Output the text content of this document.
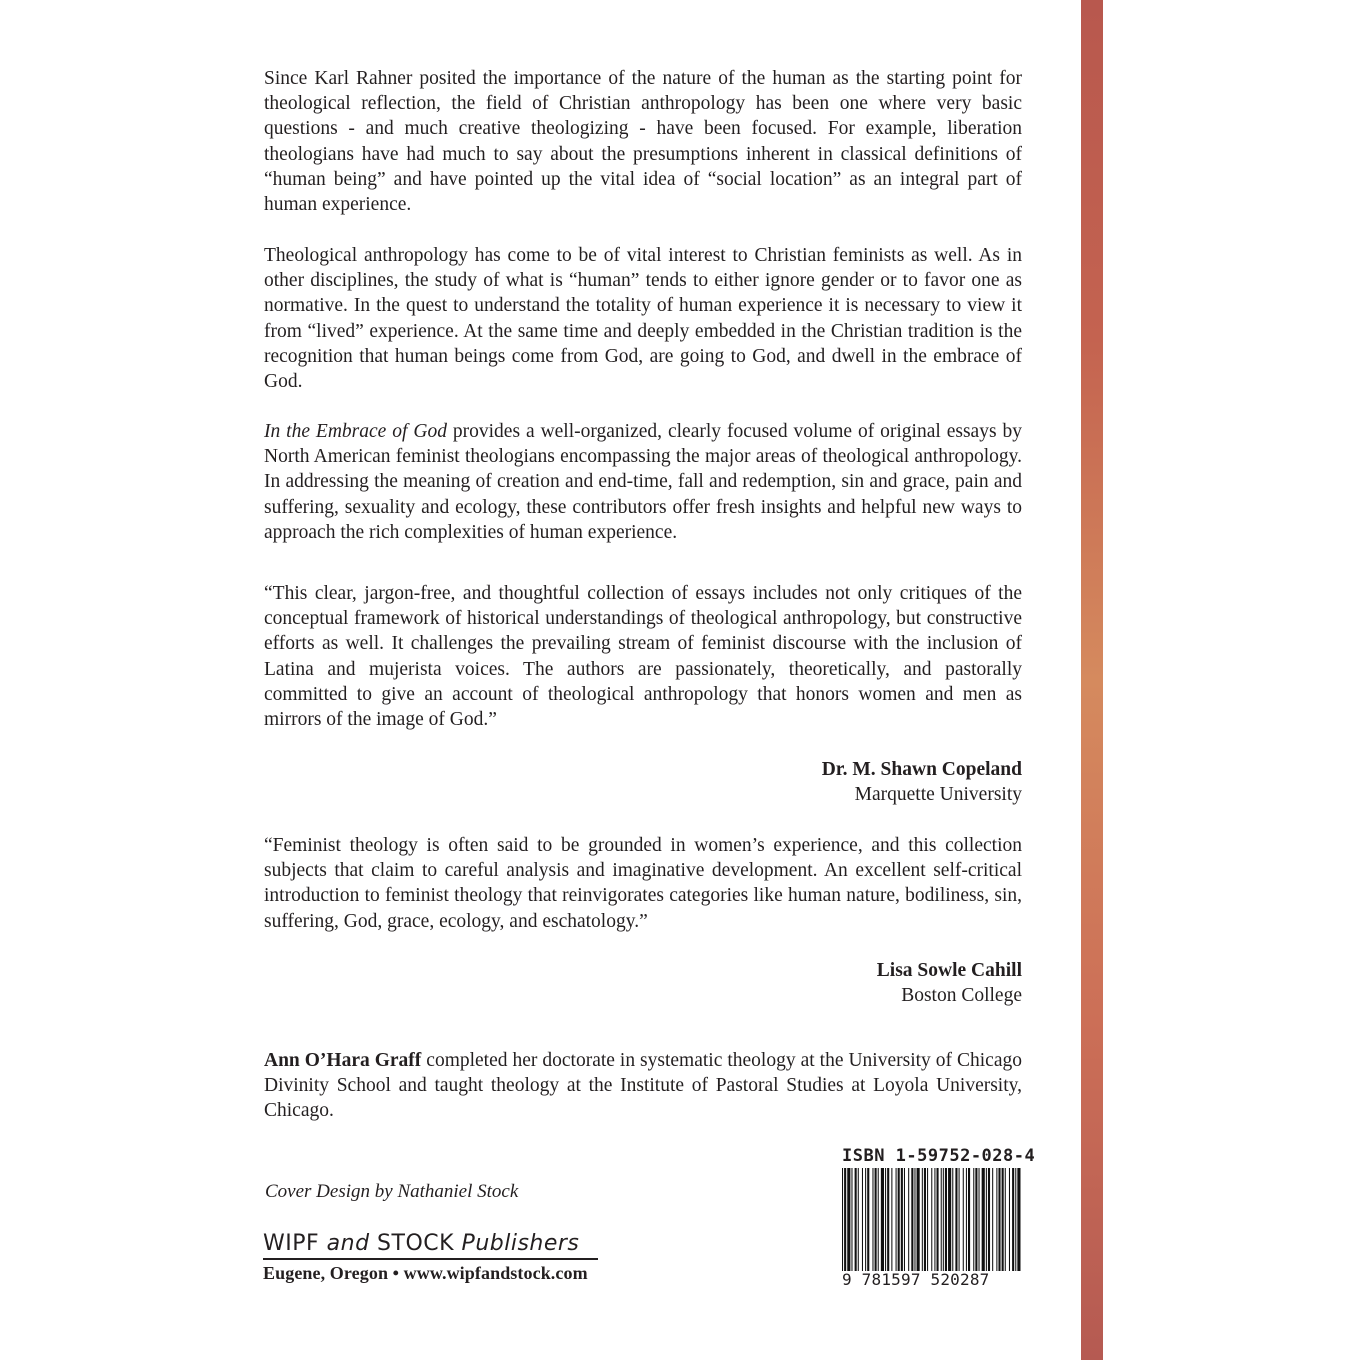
Since Karl Rahner posited the importance of the nature of the human as the starting point for theological reflection, the field of Christian anthropology has been one where very basic questions - and much creative theologizing - have been focused. For example, liberation theologians have had much to say about the presumptions inherent in classical definitions of “human being” and have pointed up the vital idea of “social location” as an integral part of human experience.

Theological anthropology has come to be of vital interest to Christian feminists as well. As in other disciplines, the study of what is “human” tends to either ignore gender or to favor one as normative. In the quest to understand the totality of human experience it is necessary to view it from “lived” experience. At the same time and deeply embedded in the Christian tradition is the recognition that human beings come from God, are going to God, and dwell in the embrace of God.

In the Embrace of God provides a well-organized, clearly focused volume of original essays by North American feminist theologians encompassing the major areas of theological anthropology. In addressing the meaning of creation and end-time, fall and redemption, sin and grace, pain and suffering, sexuality and ecology, these contributors offer fresh insights and helpful new ways to approach the rich complexities of human experience.

“This clear, jargon-free, and thoughtful collection of essays includes not only critiques of the conceptual framework of historical understandings of theological anthropology, but constructive efforts as well. It challenges the prevailing stream of feminist discourse with the inclusion of Latina and mujerista voices. The authors are passionately, theoretically, and pastorally committed to give an account of theological anthropology that honors women and men as mirrors of the image of God.”

Dr. M. Shawn Copeland
Marquette University

“Feminist theology is often said to be grounded in women’s experience, and this collection subjects that claim to careful analysis and imaginative development. An excellent self-critical introduction to feminist theology that reinvigorates categories like human nature, bodiliness, sin, suffering, God, grace, ecology, and eschatology.”

Lisa Sowle Cahill
Boston College

Ann O’Hara Graff completed her doctorate in systematic theology at the University of Chicago Divinity School and taught theology at the Institute of Pastoral Studies at Loyola University, Chicago.

Cover Design by Nathaniel Stock
WIPF and STOCK Publishers
Eugene, Oregon • www.wipfandstock.com
ISBN 1-59752-028-4
9 781597 520287
